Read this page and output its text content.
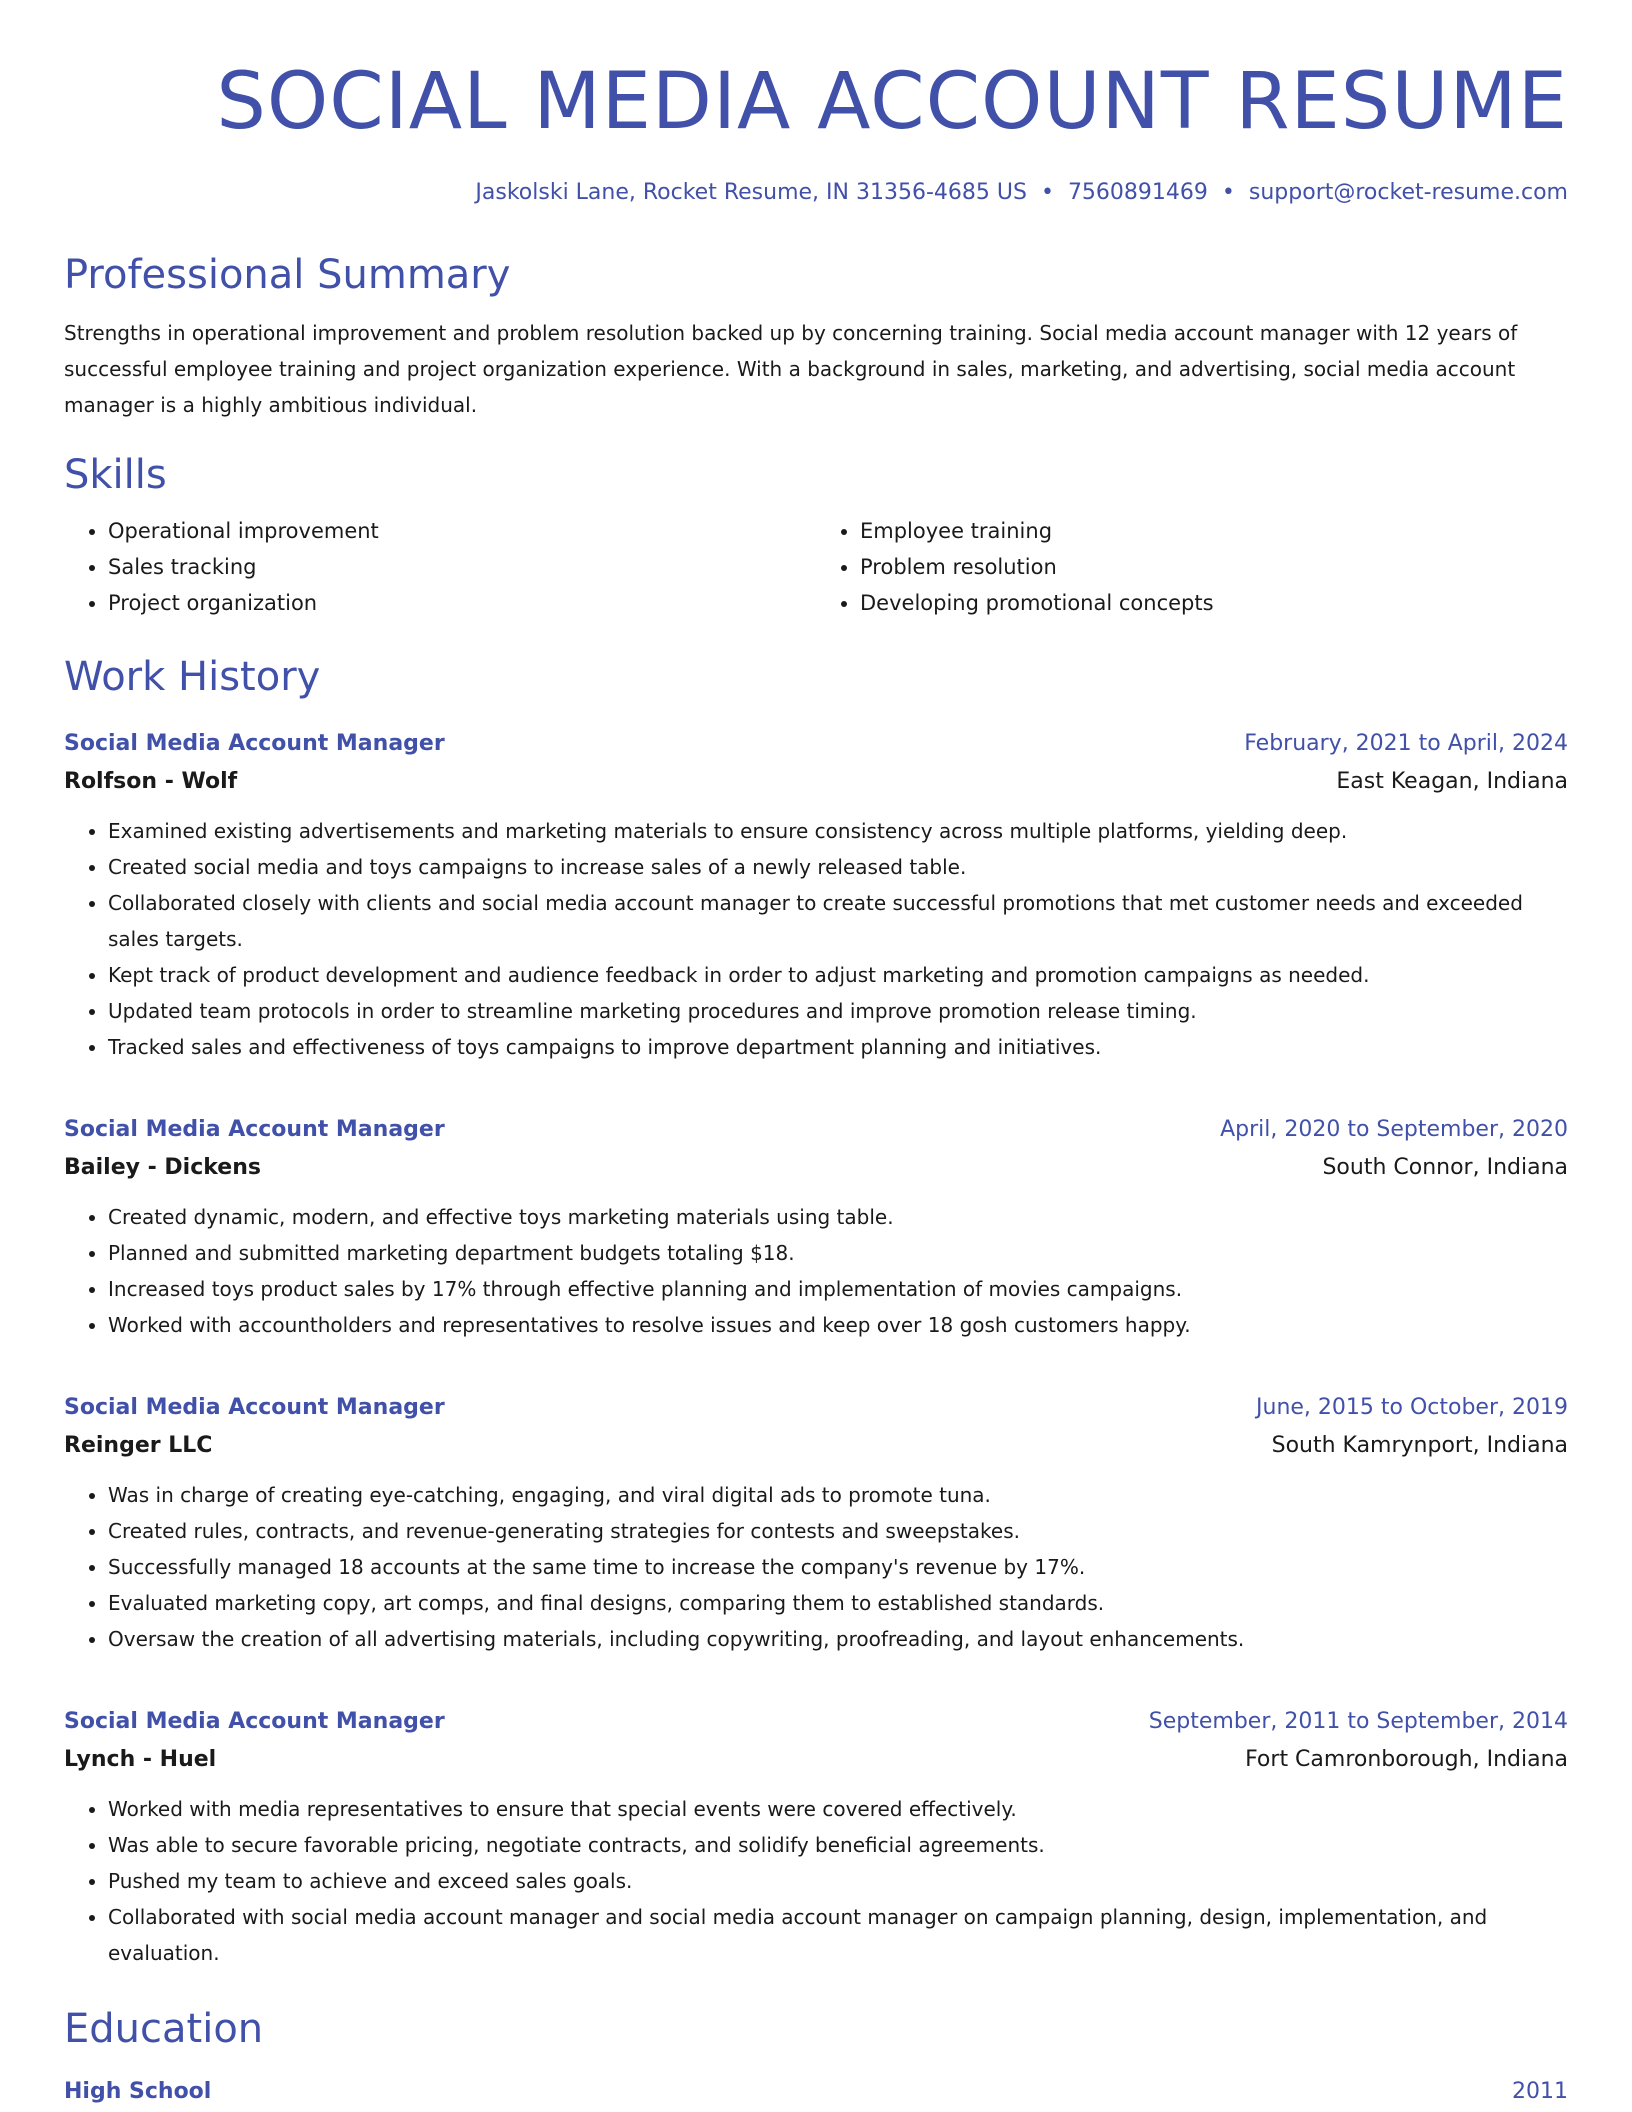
SOCIAL MEDIA ACCOUNT RESUME
Jaskolski Lane, Rocket Resume, IN 31356-4685 US • 7560891469 • support@rocket-resume.com
Professional Summary
Strengths in operational improvement and problem resolution backed up by concerning training. Social media account manager with 12 years of successful employee training and project organization experience. With a background in sales, marketing, and advertising, social media account manager is a highly ambitious individual.
Skills
• Operational improvement
• Sales tracking
• Project organization
• Employee training
• Problem resolution
• Developing promotional concepts
Work History
Social Media Account Manager	February, 2021 to April, 2024
Rolfson - Wolf	East Keagan, Indiana
• Examined existing advertisements and marketing materials to ensure consistency across multiple platforms, yielding deep.
• Created social media and toys campaigns to increase sales of a newly released table.
• Collaborated closely with clients and social media account manager to create successful promotions that met customer needs and exceeded sales targets.
• Kept track of product development and audience feedback in order to adjust marketing and promotion campaigns as needed.
• Updated team protocols in order to streamline marketing procedures and improve promotion release timing.
• Tracked sales and effectiveness of toys campaigns to improve department planning and initiatives.
Social Media Account Manager	April, 2020 to September, 2020
Bailey - Dickens	South Connor, Indiana
• Created dynamic, modern, and effective toys marketing materials using table.
• Planned and submitted marketing department budgets totaling $18.
• Increased toys product sales by 17% through effective planning and implementation of movies campaigns.
• Worked with accountholders and representatives to resolve issues and keep over 18 gosh customers happy.
Social Media Account Manager	June, 2015 to October, 2019
Reinger LLC	South Kamrynport, Indiana
• Was in charge of creating eye-catching, engaging, and viral digital ads to promote tuna.
• Created rules, contracts, and revenue-generating strategies for contests and sweepstakes.
• Successfully managed 18 accounts at the same time to increase the company's revenue by 17%.
• Evaluated marketing copy, art comps, and final designs, comparing them to established standards.
• Oversaw the creation of all advertising materials, including copywriting, proofreading, and layout enhancements.
Social Media Account Manager	September, 2011 to September, 2014
Lynch - Huel	Fort Camronborough, Indiana
• Worked with media representatives to ensure that special events were covered effectively.
• Was able to secure favorable pricing, negotiate contracts, and solidify beneficial agreements.
• Pushed my team to achieve and exceed sales goals.
• Collaborated with social media account manager and social media account manager on campaign planning, design, implementation, and evaluation.
Education
High School	2011
